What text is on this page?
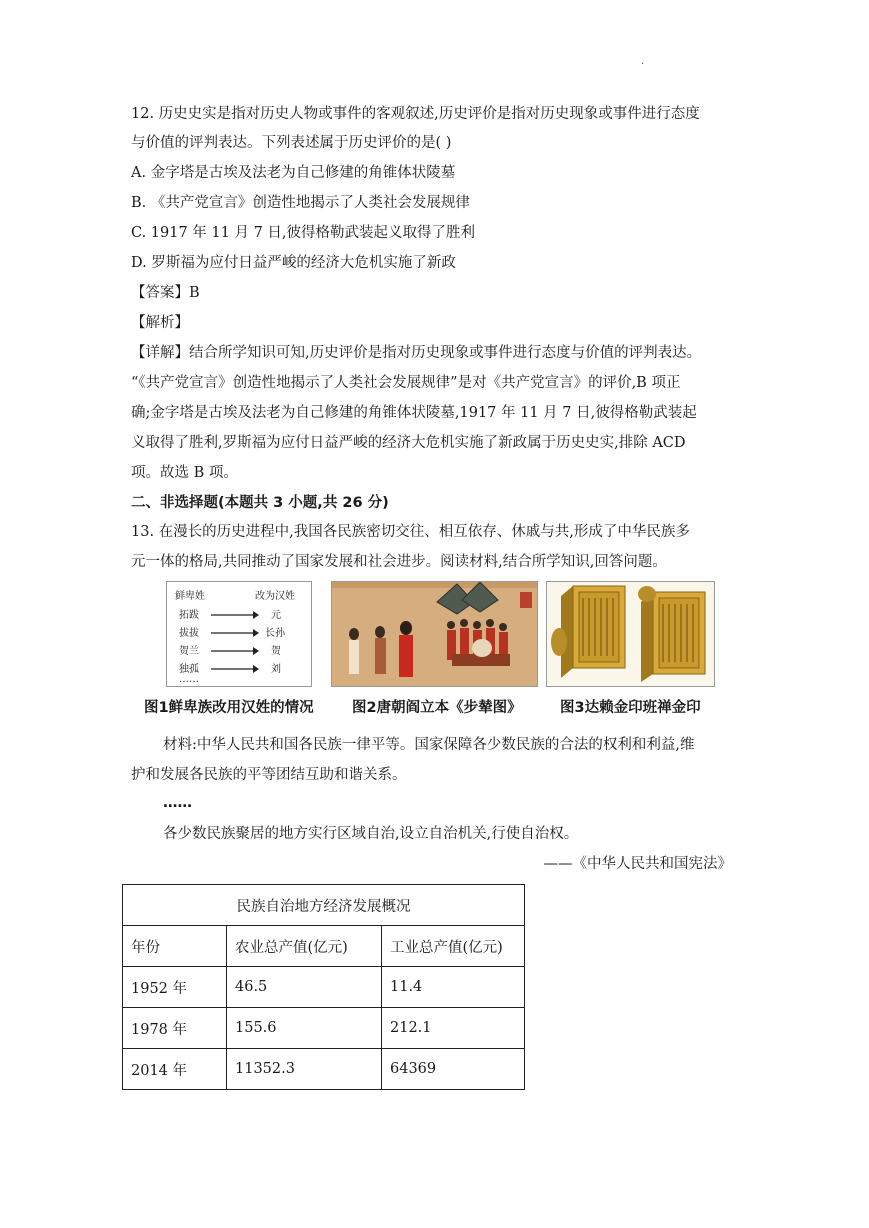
.
12. 历史史实是指对历史人物或事件的客观叙述,历史评价是指对历史现象或事件进行态度
与价值的评判表达。下列表述属于历史评价的是( )
A. 金字塔是古埃及法老为自己修建的角锥体状陵墓
B. 《共产党宣言》创造性地揭示了人类社会发展规律
C. 1917 年 11 月 7 日,彼得格勒武装起义取得了胜利
D. 罗斯福为应付日益严峻的经济大危机实施了新政
【答案】B
【解析】
【详解】结合所学知识可知,历史评价是指对历史现象或事件进行态度与价值的评判表达。
“《共产党宣言》创造性地揭示了人类社会发展规律”是对《共产党宣言》的评价,B 项正
确;金字塔是古埃及法老为自己修建的角锥体状陵墓,1917 年 11 月 7 日,彼得格勒武装起
义取得了胜利,罗斯福为应付日益严峻的经济大危机实施了新政属于历史史实,排除 ACD
项。故选 B 项。
二、非选择题(本题共 3 小题,共 26 分)
13. 在漫长的历史进程中,我国各民族密切交往、相互依存、休戚与共,形成了中华民族多
元一体的格局,共同推动了国家发展和社会进步。阅读材料,结合所学知识,回答问题。
鲜卑姓	改为汉姓
拓跋	元
拔拔	长孙
贺兰	贺
独孤	刘
……
图1鲜卑族改用汉姓的情况	图2唐朝阎立本《步辇图》	图3达赖金印班禅金印
材料:中华人民共和国各民族一律平等。国家保障各少数民族的合法的权利和利益,维
护和发展各民族的平等团结互助和谐关系。
……
各少数民族聚居的地方实行区域自治,设立自治机关,行使自治权。
——《中华人民共和国宪法》
民族自治地方经济发展概况		
年份	农业总产值(亿元)	工业总产值(亿元)
1952 年	46.5	11.4
1978 年	155.6	212.1
2014 年	11352.3	64369
